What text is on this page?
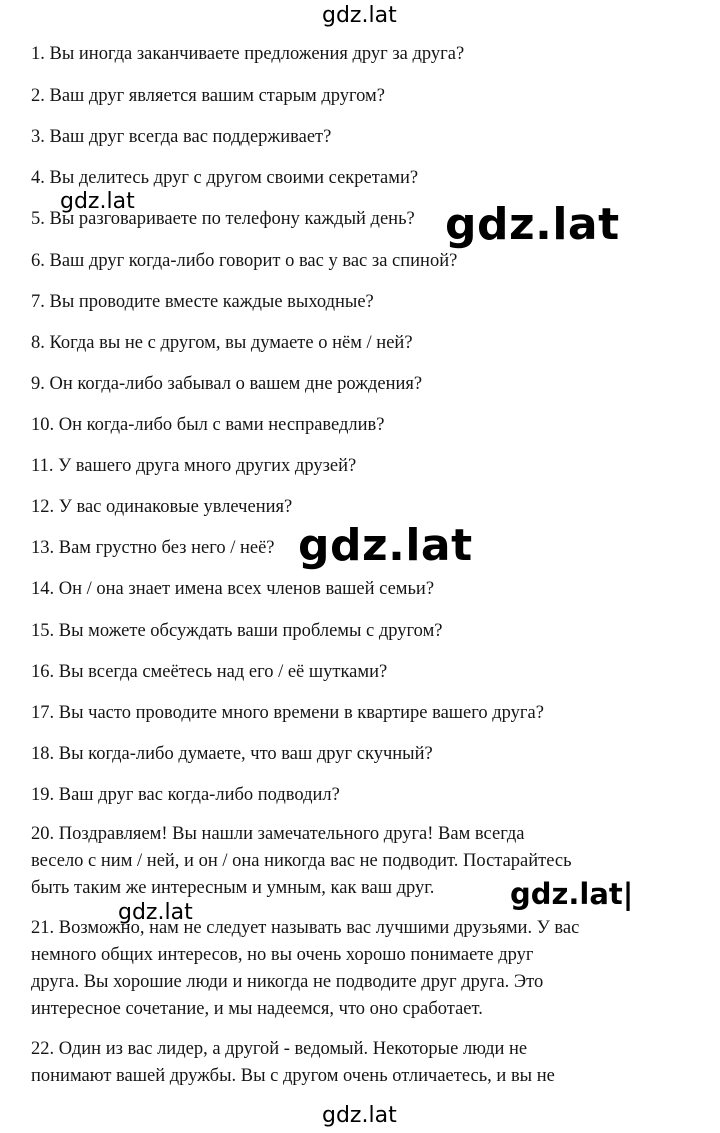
1. Вы иногда заканчиваете предложения друг за друга?

2. Ваш друг является вашим старым другом?

3. Ваш друг всегда вас поддерживает?

4. Вы делитесь друг с другом своими секретами?

5. Вы разговариваете по телефону каждый день?

6. Ваш друг когда-либо говорит о вас у вас за спиной?

7. Вы проводите вместе каждые выходные?

8. Когда вы не с другом, вы думаете о нём / ней?

9. Он когда-либо забывал о вашем дне рождения?

10. Он когда-либо был с вами несправедлив?

11. У вашего друга много других друзей?

12. У вас одинаковые увлечения?

13. Вам грустно без него / неё?

14. Он / она знает имена всех членов вашей семьи?

15. Вы можете обсуждать ваши проблемы с другом?

16. Вы всегда смеётесь над его / её шутками?

17. Вы часто проводите много времени в квартире вашего друга?

18. Вы когда-либо думаете, что ваш друг скучный?

19. Ваш друг вас когда-либо подводил?

20. Поздравляем! Вы нашли замечательного друга! Вам всегда
весело с ним / ней, и он / она никогда вас не подводит. Постарайтесь
быть таким же интересным и умным, как ваш друг.
21. Возможно, нам не следует называть вас лучшими друзьями. У вас
немного общих интересов, но вы очень хорошо понимаете друг
друга. Вы хорошие люди и никогда не подводите друг друга. Это
интересное сочетание, и мы надеемся, что оно сработает.
22. Один из вас лидер, а другой - ведомый. Некоторые люди не
понимают вашей дружбы. Вы с другом очень отличаетесь, и вы не
gdz.lat
gdz.lat	gdz.lat
gdz.lat
gdz.lat|
gdz.lat
gdz.lat
